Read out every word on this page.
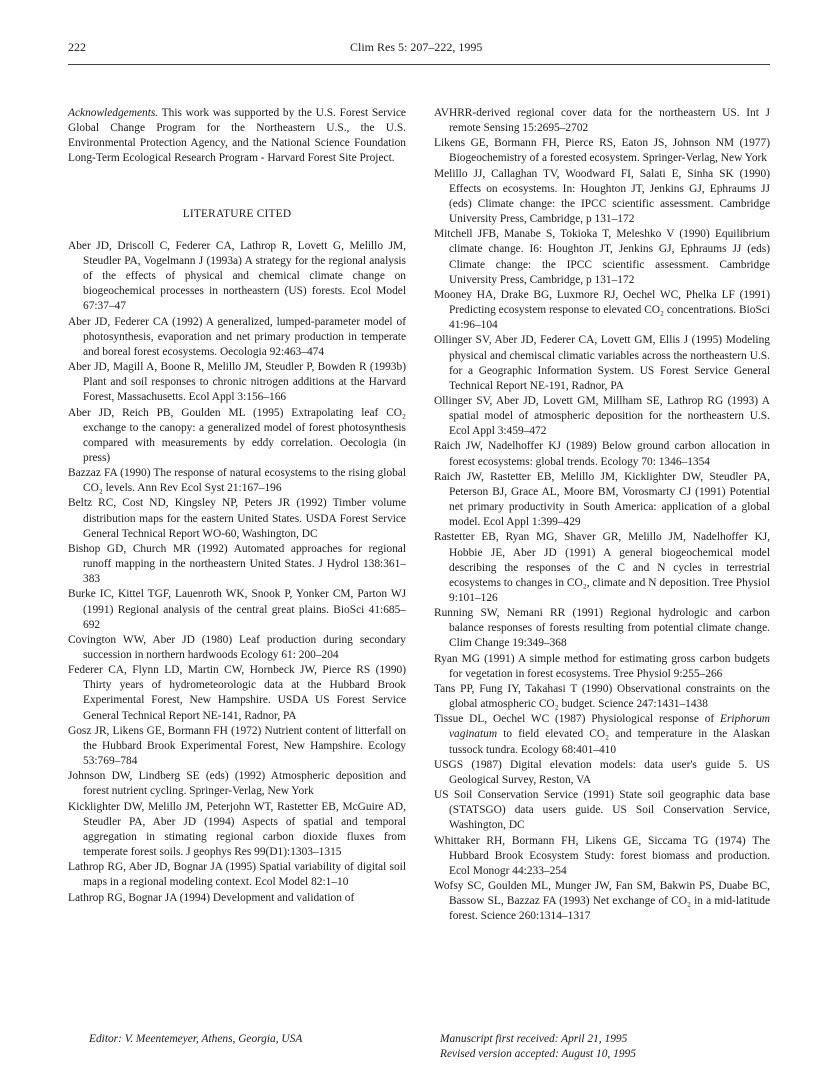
222	Clim Res 5: 207–222, 1995

Acknowledgements. This work was supported by the U.S. Forest Service Global Change Program for the Northeastern U.S., the U.S. Environmental Protection Agency, and the National Science Foundation Long-Term Ecological Research Program - Harvard Forest Site Project.

LITERATURE CITED

Aber JD, Driscoll C, Federer CA, Lathrop R, Lovett G, Melillo JM, Steudler PA, Vogelmann J (1993a) A strategy for the regional analysis of the effects of physical and chemical climate change on biogeochemical processes in northeastern (US) forests. Ecol Model 67:37–47

Aber JD, Federer CA (1992) A generalized, lumped-parameter model of photosynthesis, evaporation and net primary production in temperate and boreal forest ecosystems. Oecologia 92:463–474

Aber JD, Magill A, Boone R, Melillo JM, Steudler P, Bowden R (1993b) Plant and soil responses to chronic nitrogen additions at the Harvard Forest, Massachusetts. Ecol Appl 3:156–166

Aber JD, Reich PB, Goulden ML (1995) Extrapolating leaf CO₂ exchange to the canopy: a generalized model of forest photosynthesis compared with measurements by eddy correlation. Oecologia (in press)

Bazzaz FA (1990) The response of natural ecosystems to the rising global CO₂ levels. Ann Rev Ecol Syst 21:167–196

Beltz RC, Cost ND, Kingsley NP, Peters JR (1992) Timber volume distribution maps for the eastern United States. USDA Forest Service General Technical Report WO-60, Washington, DC

Bishop GD, Church MR (1992) Automated approaches for regional runoff mapping in the northeastern United States. J Hydrol 138:361–383

Burke IC, Kittel TGF, Lauenroth WK, Snook P, Yonker CM, Parton WJ (1991) Regional analysis of the central great plains. BioSci 41:685–692

Covington WW, Aber JD (1980) Leaf production during secondary succession in northern hardwoods Ecology 61: 200–204

Federer CA, Flynn LD, Martin CW, Hornbeck JW, Pierce RS (1990) Thirty years of hydrometeorologic data at the Hubbard Brook Experimental Forest, New Hampshire. USDA US Forest Service General Technical Report NE-141, Radnor, PA

Gosz JR, Likens GE, Bormann FH (1972) Nutrient content of litterfall on the Hubbard Brook Experimental Forest, New Hampshire. Ecology 53:769–784

Johnson DW, Lindberg SE (eds) (1992) Atmospheric deposition and forest nutrient cycling. Springer-Verlag, New York

Kicklighter DW, Melillo JM, Peterjohn WT, Rastetter EB, McGuire AD, Steudler PA, Aber JD (1994) Aspects of spatial and temporal aggregation in stimating regional carbon dioxide fluxes from temperate forest soils. J geophys Res 99(D1):1303–1315

Lathrop RG, Aber JD, Bognar JA (1995) Spatial variability of digital soil maps in a regional modeling context. Ecol Model 82:1–10

Lathrop RG, Bognar JA (1994) Development and validation of

AVHRR-derived regional cover data for the northeastern US. Int J remote Sensing 15:2695–2702

Likens GE, Bormann FH, Pierce RS, Eaton JS, Johnson NM (1977) Biogeochemistry of a forested ecosystem. Springer-Verlag, New York

Melillo JJ, Callaghan TV, Woodward FI, Salati E, Sinha SK (1990) Effects on ecosystems. In: Houghton JT, Jenkins GJ, Ephraums JJ (eds) Climate change: the IPCC scientific assessment. Cambridge University Press, Cambridge, p 131–172

Mitchell JFB, Manabe S, Tokioka T, Meleshko V (1990) Equilibrium climate change. I6: Houghton JT, Jenkins GJ, Ephraums JJ (eds) Climate change: the IPCC scientific assessment. Cambridge University Press, Cambridge, p 131–172

Mooney HA, Drake BG, Luxmore RJ, Oechel WC, Phelka LF (1991) Predicting ecosystem response to elevated CO₂ concentrations. BioSci 41:96–104

Ollinger SV, Aber JD, Federer CA, Lovett GM, Ellis J (1995) Modeling physical and chemiscal climatic variables across the northeastern U.S. for a Geographic Information System. US Forest Service General Technical Report NE-191, Radnor, PA

Ollinger SV, Aber JD, Lovett GM, Millham SE, Lathrop RG (1993) A spatial model of atmospheric deposition for the northeastern U.S. Ecol Appl 3:459–472

Raich JW, Nadelhoffer KJ (1989) Below ground carbon allocation in forest ecosystems: global trends. Ecology 70: 1346–1354

Raich JW, Rastetter EB, Melillo JM, Kicklighter DW, Steudler PA, Peterson BJ, Grace AL, Moore BM, Vorosmarty CJ (1991) Potential net primary productivity in South America: application of a global model. Ecol Appl 1:399–429

Rastetter EB, Ryan MG, Shaver GR, Melillo JM, Nadelhoffer KJ, Hobbie JE, Aber JD (1991) A general biogeochemical model describing the responses of the C and N cycles in terrestrial ecosystems to changes in CO₂, climate and N deposition. Tree Physiol 9:101–126

Running SW, Nemani RR (1991) Regional hydrologic and carbon balance responses of forests resulting from potential climate change. Clim Change 19:349–368

Ryan MG (1991) A simple method for estimating gross carbon budgets for vegetation in forest ecosystems. Tree Physiol 9:255–266

Tans PP, Fung IY, Takahasi T (1990) Observational constraints on the global atmospheric CO₂ budget. Science 247:1431–1438

Tissue DL, Oechel WC (1987) Physiological response of Eriphorum vaginatum to field elevated CO₂ and temperature in the Alaskan tussock tundra. Ecology 68:401–410

USGS (1987) Digital elevation models: data user's guide 5. US Geological Survey, Reston, VA

US Soil Conservation Service (1991) State soil geographic data base (STATSGO) data users guide. US Soil Conservation Service, Washington, DC

Whittaker RH, Bormann FH, Likens GE, Siccama TG (1974) The Hubbard Brook Ecosystem Study: forest biomass and production. Ecol Monogr 44:233–254

Wofsy SC, Goulden ML, Munger JW, Fan SM, Bakwin PS, Duabe BC, Bassow SL, Bazzaz FA (1993) Net exchange of CO₂ in a mid-latitude forest. Science 260:1314–1317

Editor: V. Meentemeyer, Athens, Georgia, USA	Manuscript first received: April 21, 1995
Revised version accepted: August 10, 1995
